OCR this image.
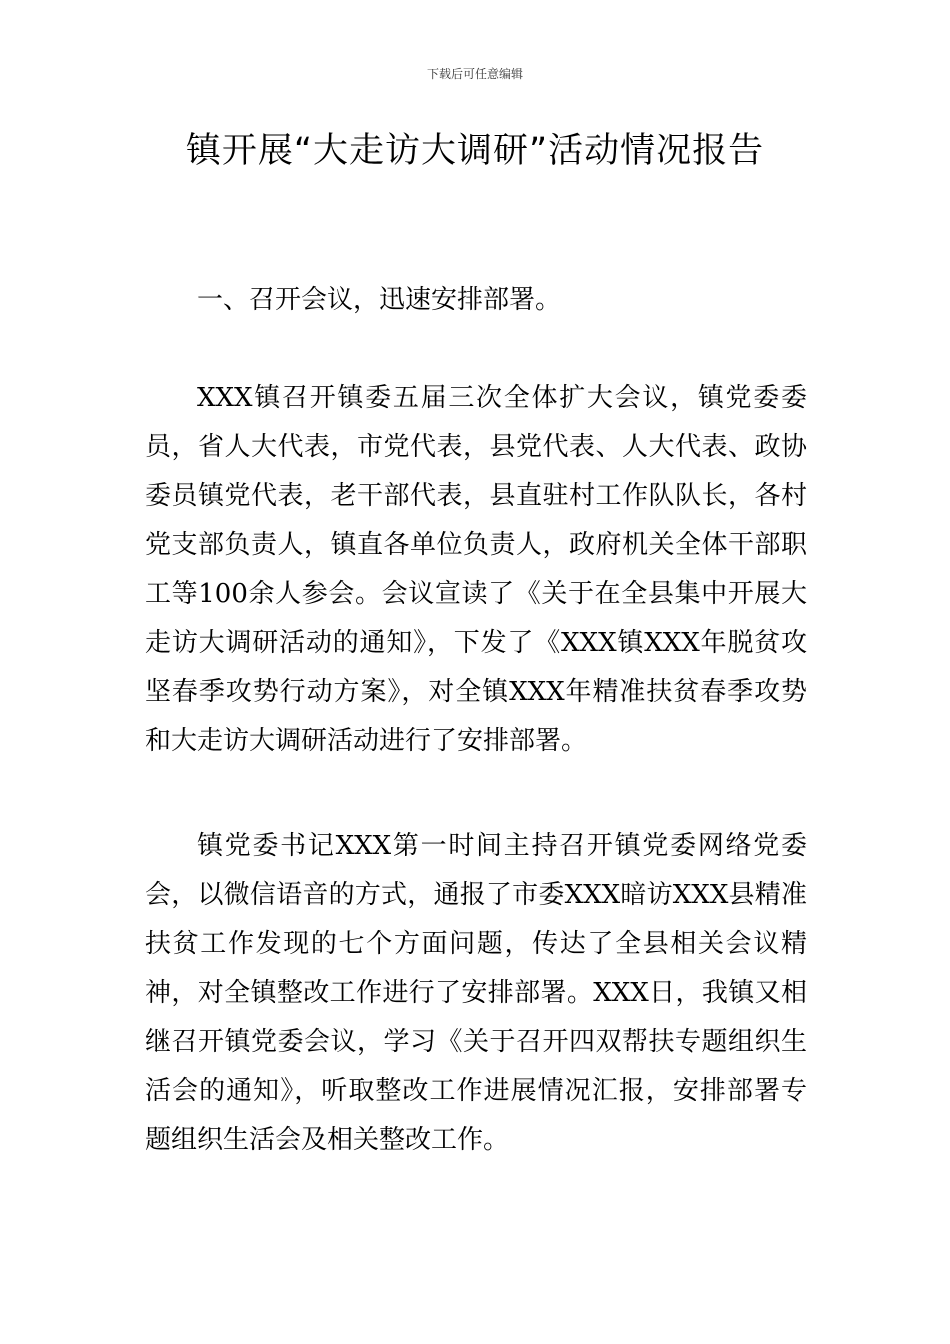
下载后可任意编辑
镇开展“大走访大调研”活动情况报告

一、召开会议，迅速安排部署。

XXX镇召开镇委五届三次全体扩大会议，镇党委委员，省人大代表，市党代表，县党代表、人大代表、政协委员镇党代表，老干部代表，县直驻村工作队队长，各村党支部负责人，镇直各单位负责人，政府机关全体干部职工等100余人参会。会议宣读了《关于在全县集中开展大走访大调研活动的通知》，下发了《XXX镇XXX年脱贫攻坚春季攻势行动方案》，对全镇XXX年精准扶贫春季攻势和大走访大调研活动进行了安排部署。

镇党委书记XXX第一时间主持召开镇党委网络党委会，以微信语音的方式，通报了市委XXX暗访XXX县精准扶贫工作发现的七个方面问题，传达了全县相关会议精神，对全镇整改工作进行了安排部署。XXX日，我镇又相继召开镇党委会议，学习《关于召开四双帮扶专题组织生活会的通知》，听取整改工作进展情况汇报，安排部署专题组织生活会及相关整改工作。
